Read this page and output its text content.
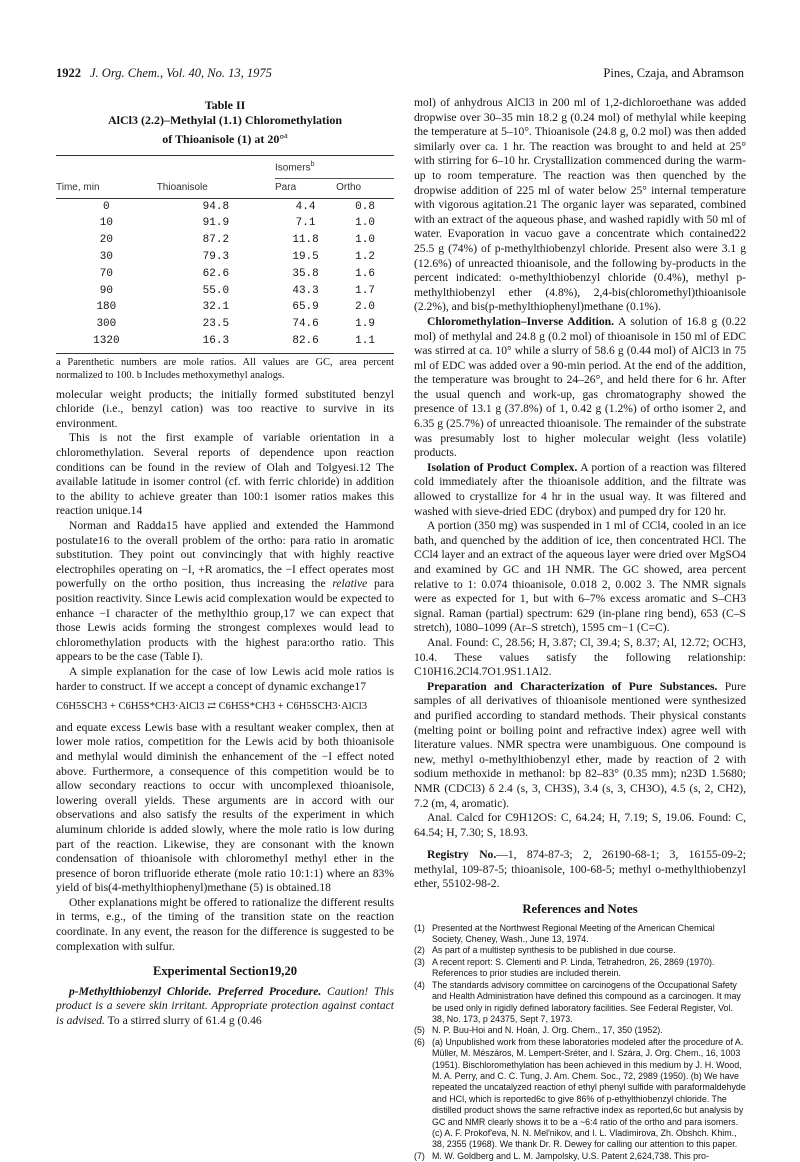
1922 J. Org. Chem., Vol. 40, No. 13, 1975	Pines, Czaja, and Abramson
Table II
AlCl3 (2.2)–Methylal (1.1) Chloromethylation
of Thioanisole (1) at 20°$^a$
Time, min	Thioanisole	Isomers$^b$
		Para	Ortho
0	94.8	4.4	0.8
10	91.9	7.1	1.0
20	87.2	11.8	1.0
30	79.3	19.5	1.2
70	62.6	35.8	1.6
90	55.0	43.3	1.7
180	32.1	65.9	2.0
300	23.5	74.6	1.9
1320	16.3	82.6	1.1
a Parenthetic numbers are mole ratios. All values are GC, area percent normalized to 100. b Includes methoxymethyl analogs.

molecular weight products; the initially formed substituted benzyl chloride (i.e., benzyl cation) was too reactive to survive in its environment.

This is not the first example of variable orientation in a chloromethylation. Several reports of dependence upon reaction conditions can be found in the review of Olah and Tolgyesi.12 The available latitude in isomer control (cf. with ferric chloride) in addition to the ability to achieve greater than 100:1 isomer ratios makes this reaction unique.14

Norman and Radda15 have applied and extended the Hammond postulate16 to the overall problem of the ortho: para ratio in aromatic substitution. They point out convincingly that with highly reactive electrophiles operating on −I, +R aromatics, the −I effect operates most powerfully on the ortho position, thus increasing the relative para position reactivity. Since Lewis acid complexation would be expected to enhance −I character of the methylthio group,17 we can expect that those Lewis acids forming the strongest complexes would lead to chloromethylation products with the highest para:ortho ratio. This appears to be the case (Table I).

A simple explanation for the case of low Lewis acid mole ratios is harder to construct. If we accept a concept of dynamic exchange17

C6H5SCH3 + C6H5S*CH3·AlCl3 ⇄ C6H5S*CH3 + C6H5SCH3·AlCl3

and equate excess Lewis base with a resultant weaker complex, then at lower mole ratios, competition for the Lewis acid by both thioanisole and methylal would diminish the enhancement of the −I effect noted above. Furthermore, a consequence of this competition would be to allow secondary reactions to occur with uncomplexed thioanisole, lowering overall yields. These arguments are in accord with our observations and also satisfy the results of the experiment in which aluminum chloride is added slowly, where the mole ratio is low during part of the reaction. Likewise, they are consonant with the known condensation of thioanisole with chloromethyl methyl ether in the presence of boron trifluoride etherate (mole ratio 10:1:1) where an 83% yield of bis(4-methylthiophenyl)methane (5) is obtained.18

Other explanations might be offered to rationalize the different results in terms, e.g., of the timing of the transition state on the reaction coordinate. In any event, the reason for the difference is suggested to be complexation with sulfur.

Experimental Section19,20

p-Methylthiobenzyl Chloride. Preferred Procedure. Caution! This product is a severe skin irritant. Appropriate protection against contact is advised. To a stirred slurry of 61.4 g (0.46

mol) of anhydrous AlCl3 in 200 ml of 1,2-dichloroethane was added dropwise over 30–35 min 18.2 g (0.24 mol) of methylal while keeping the temperature at 5–10°. Thioanisole (24.8 g, 0.2 mol) was then added similarly over ca. 1 hr. The reaction was brought to and held at 25° with stirring for 6–10 hr. Crystallization commenced during the warm-up to room temperature. The reaction was then quenched by the dropwise addition of 225 ml of water below 25° internal temperature with vigorous agitation.21 The organic layer was separated, combined with an extract of the aqueous phase, and washed rapidly with 50 ml of water. Evaporation in vacuo gave a concentrate which contained22 25.5 g (74%) of p-methylthiobenzyl chloride. Present also were 3.1 g (12.6%) of unreacted thioanisole, and the following by-products in the percent indicated: o-methylthiobenzyl chloride (0.4%), methyl p-methylthiobenzyl ether (4.8%), 2,4-bis(chloromethyl)thioanisole (2.2%), and bis(p-methylthiophenyl)methane (0.1%).

Chloromethylation–Inverse Addition. A solution of 16.8 g (0.22 mol) of methylal and 24.8 g (0.2 mol) of thioanisole in 150 ml of EDC was stirred at ca. 10° while a slurry of 58.6 g (0.44 mol) of AlCl3 in 75 ml of EDC was added over a 90-min period. At the end of the addition, the temperature was brought to 24–26°, and held there for 6 hr. After the usual quench and work-up, gas chromatography showed the presence of 13.1 g (37.8%) of 1, 0.42 g (1.2%) of ortho isomer 2, and 6.35 g (25.7%) of unreacted thioanisole. The remainder of the substrate was presumably lost to higher molecular weight (less volatile) products.

Isolation of Product Complex. A portion of a reaction was filtered cold immediately after the thioanisole addition, and the filtrate was allowed to crystallize for 4 hr in the usual way. It was filtered and washed with sieve-dried EDC (drybox) and pumped dry for 120 hr.

A portion (350 mg) was suspended in 1 ml of CCl4, cooled in an ice bath, and quenched by the addition of ice, then concentrated HCl. The CCl4 layer and an extract of the aqueous layer were dried over MgSO4 and examined by GC and 1H NMR. The GC showed, area percent relative to 1: 0.074 thioanisole, 0.018 2, 0.002 3. The NMR signals were as expected for 1, but with 6–7% excess aromatic and S–CH3 signal. Raman (partial) spectrum: 629 (in-plane ring bend), 653 (C–S stretch), 1080–1099 (Ar–S stretch), 1595 cm−1 (C=C).

Anal. Found: C, 28.56; H, 3.87; Cl, 39.4; S, 8.37; Al, 12.72; OCH3, 10.4. These values satisfy the following relationship: C10H16.2Cl4.7O1.9S1.1Al2.

Preparation and Characterization of Pure Substances. Pure samples of all derivatives of thioanisole mentioned were synthesized and purified according to standard methods. Their physical constants (melting point or boiling point and refractive index) agree well with literature values. NMR spectra were unambiguous. One compound is new, methyl o-methylthiobenzyl ether, made by reaction of 2 with sodium methoxide in methanol: bp 82–83° (0.35 mm); n23D 1.5680; NMR (CDCl3) δ 2.4 (s, 3, CH3S), 3.4 (s, 3, CH3O), 4.5 (s, 2, CH2), 7.2 (m, 4, aromatic).

Anal. Calcd for C9H12OS: C, 64.24; H, 7.19; S, 19.06. Found: C, 64.54; H, 7.30; S, 18.93.

Registry No.—1, 874-87-3; 2, 26190-68-1; 3, 16155-09-2; methylal, 109-87-5; thioanisole, 100-68-5; methyl o-methylthiobenzyl ether, 55102-98-2.

References and Notes
(1) Presented at the Northwest Regional Meeting of the American Chemical Society, Cheney, Wash., June 13, 1974.
(2) As part of a multistep synthesis to be published in due course.
(3) A recent report: S. Clementi and P. Linda, Tetrahedron, 26, 2869 (1970). References to prior studies are included therein.
(4) The standards advisory committee on carcinogens of the Occupational Safety and Health Administration have defined this compound as a carcinogen. It may be used only in rigidly defined laboratory facilities. See Federal Register, Vol. 38, No. 173, p 24375, Sept 7, 1973.
(5) N. P. Buu-Hoi and N. Hoán, J. Org. Chem., 17, 350 (1952).
(6) (a) Unpublished work from these laboratories modeled after the procedure of A. Müller, M. Mészáros, M. Lempert-Sréter, and I. Szára, J. Org. Chem., 16, 1003 (1951). Bischloromethylation has been achieved in this medium by J. H. Wood, M. A. Perry, and C. C. Tung, J. Am. Chem. Soc., 72, 2989 (1950). (b) We have repeated the uncatalyzed reaction of ethyl phenyl sulfide with paraformaldehyde and HCl, which is reported6c to give 86% of p-ethylthiobenzyl chloride. The distilled product shows the same refractive index as reported,6c but analysis by GC and NMR clearly shows it to be a ~6:4 ratio of the ortho and para isomers. (c) A. F. Prokof'eva, N. N. Mel'nikov, and I. L. Vladimirova, Zh. Obshch. Khim., 38, 2355 (1968). We thank Dr. R. Dewey for calling our attention to this paper.
(7) M. W. Goldberg and L. M. Jampolsky, U.S. Patent 2,624,738. This pro-
